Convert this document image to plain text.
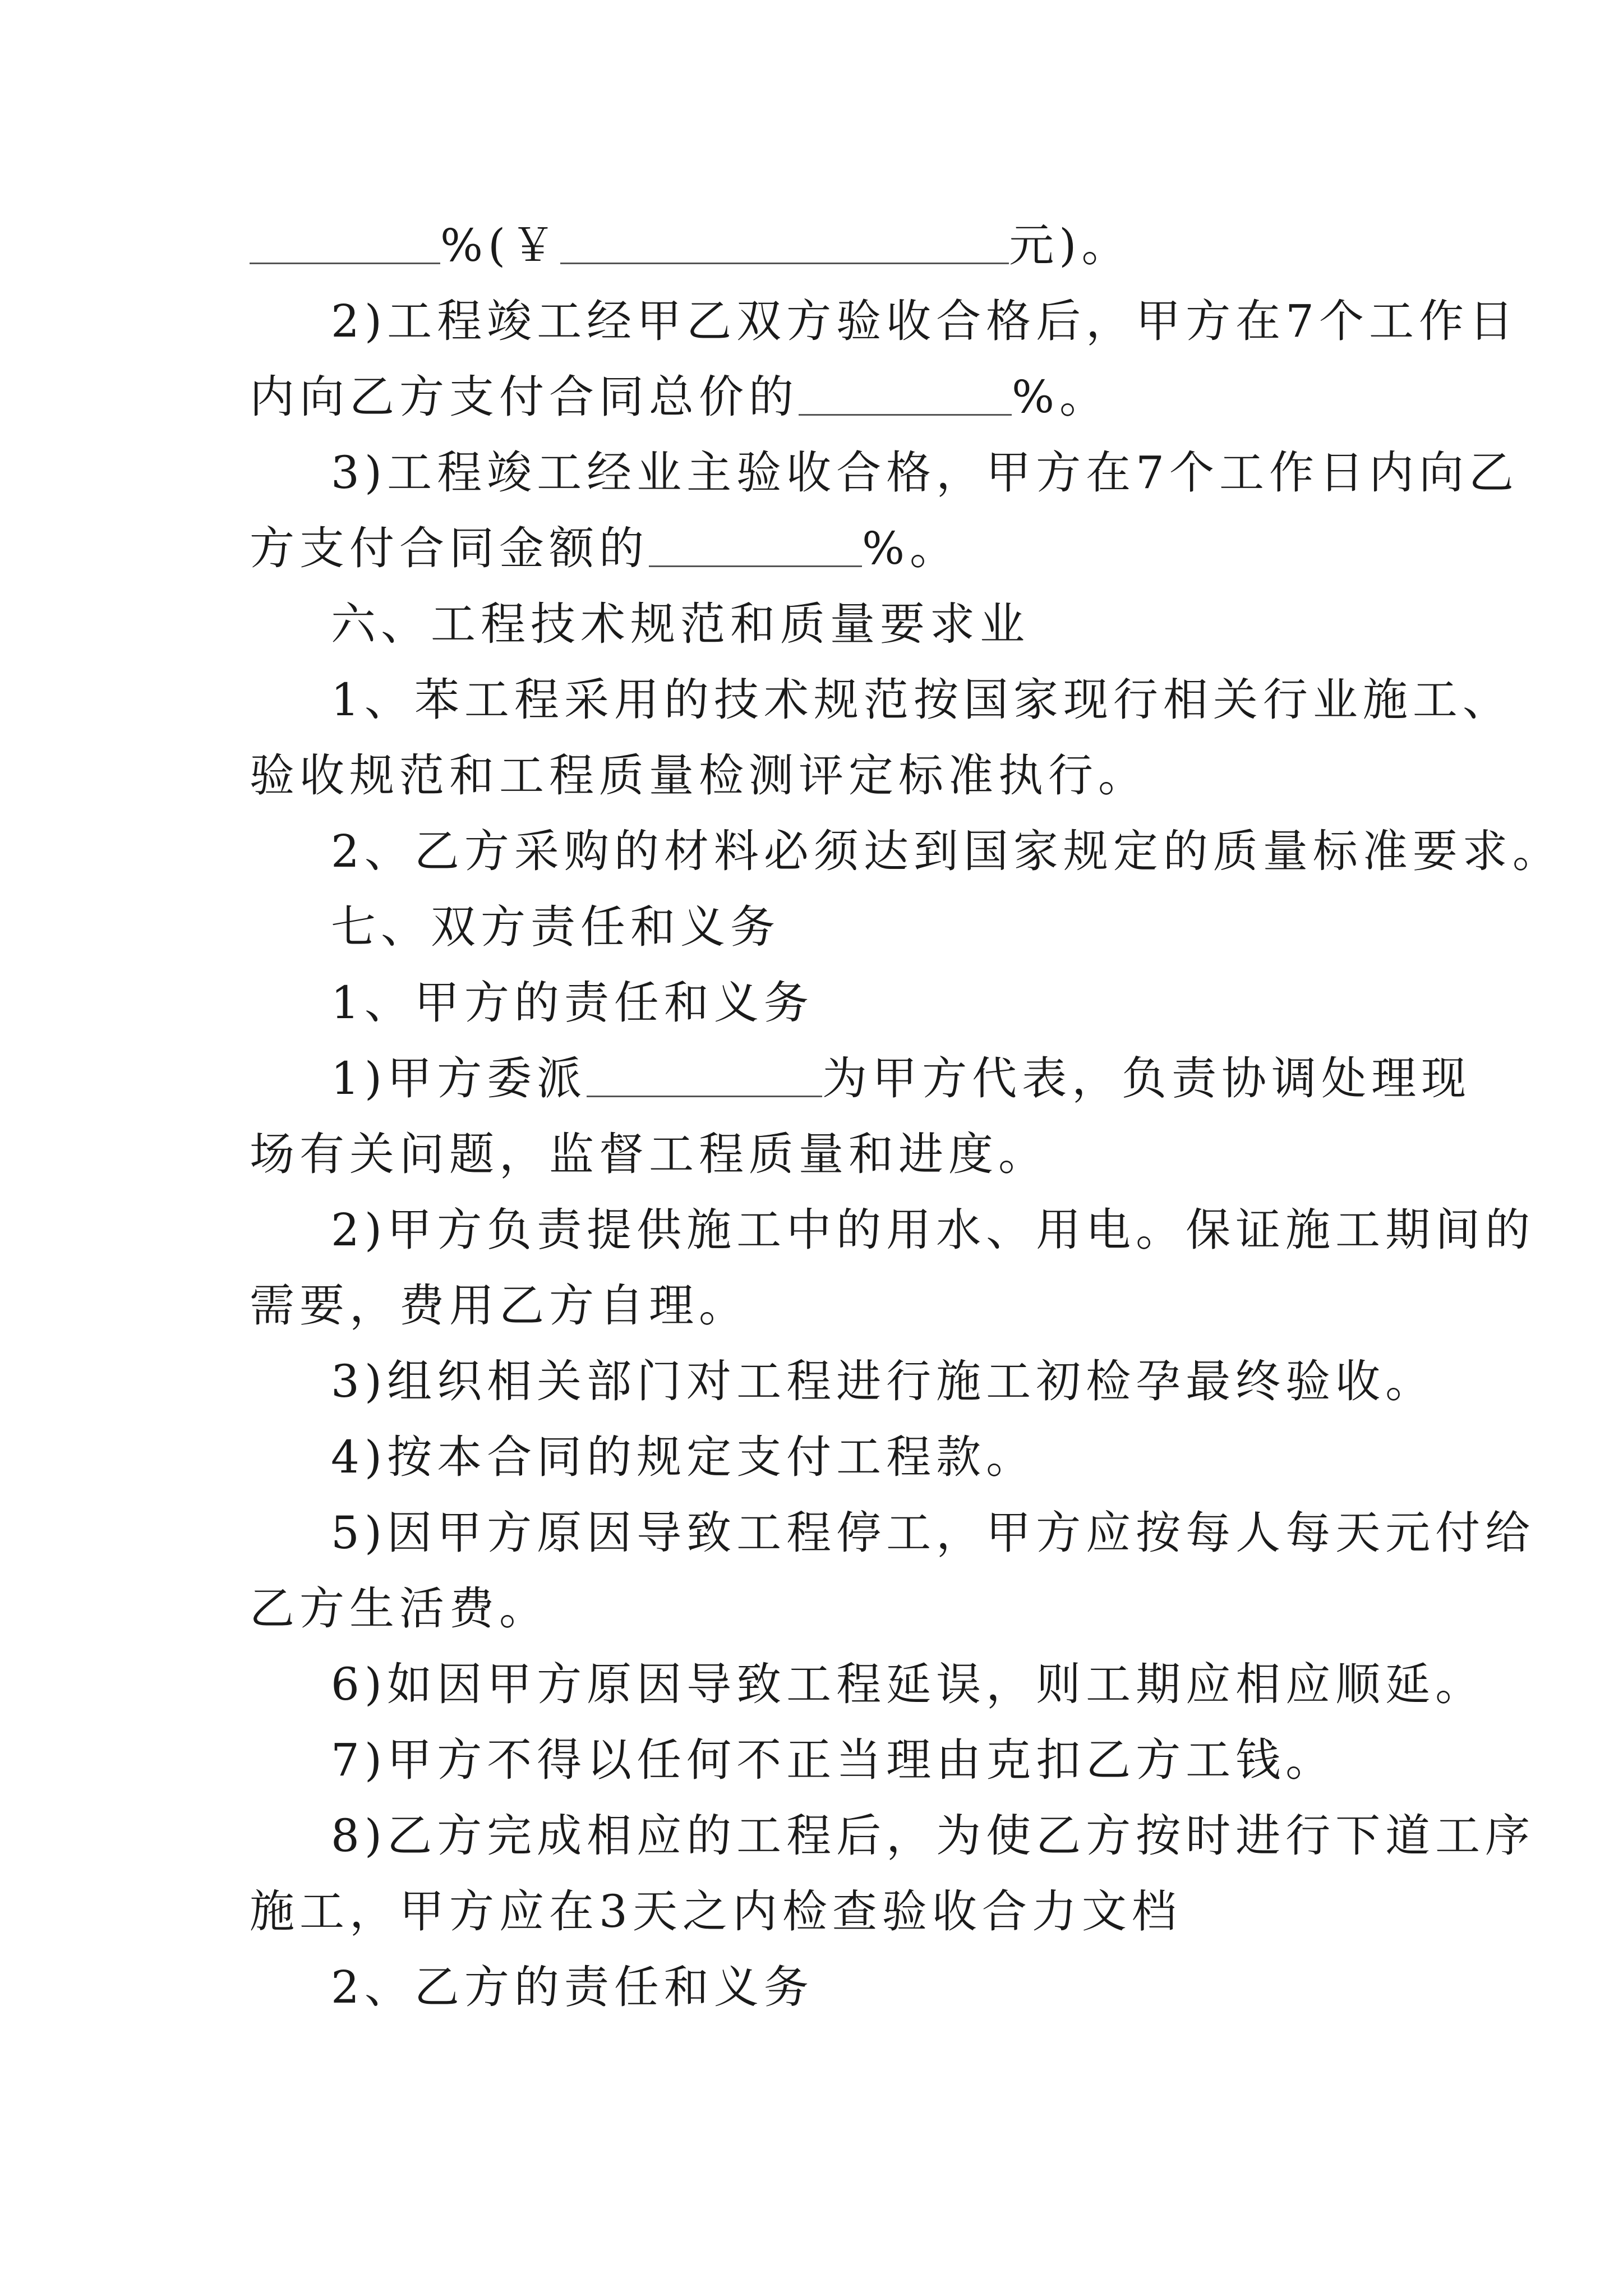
%(￥	元)。

2)工程竣工经甲乙双方验收合格后，甲方在7个工作日

内向乙方支付合同总价的	%。

3)工程竣工经业主验收合格，甲方在7个工作日内向乙

方支付合同金额的	%。

六、工程技术规范和质量要求业

1、苯工程采用的技术规范按国家现行相关行业施工、

验收规范和工程质量检测评定标准执行。

2、乙方采购的材料必须达到国家规定的质量标准要求。

七、双方责任和义务

1、甲方的责任和义务

1)甲方委派	为甲方代表，负责协调处理现

场有关问题，监督工程质量和进度。

2)甲方负责提供施工中的用水、用电。保证施工期间的

需要，费用乙方自理。

3)组织相关部门对工程进行施工初检孕最终验收。

4)按本合同的规定支付工程款。

5)因甲方原因导致工程停工，甲方应按每人每天元付给

乙方生活费。

6)如因甲方原因导致工程延误，则工期应相应顺延。

7)甲方不得以任何不正当理由克扣乙方工钱。

8)乙方完成相应的工程后，为使乙方按时进行下道工序

施工，甲方应在3天之内检查验收合力文档

2、乙方的责任和义务
